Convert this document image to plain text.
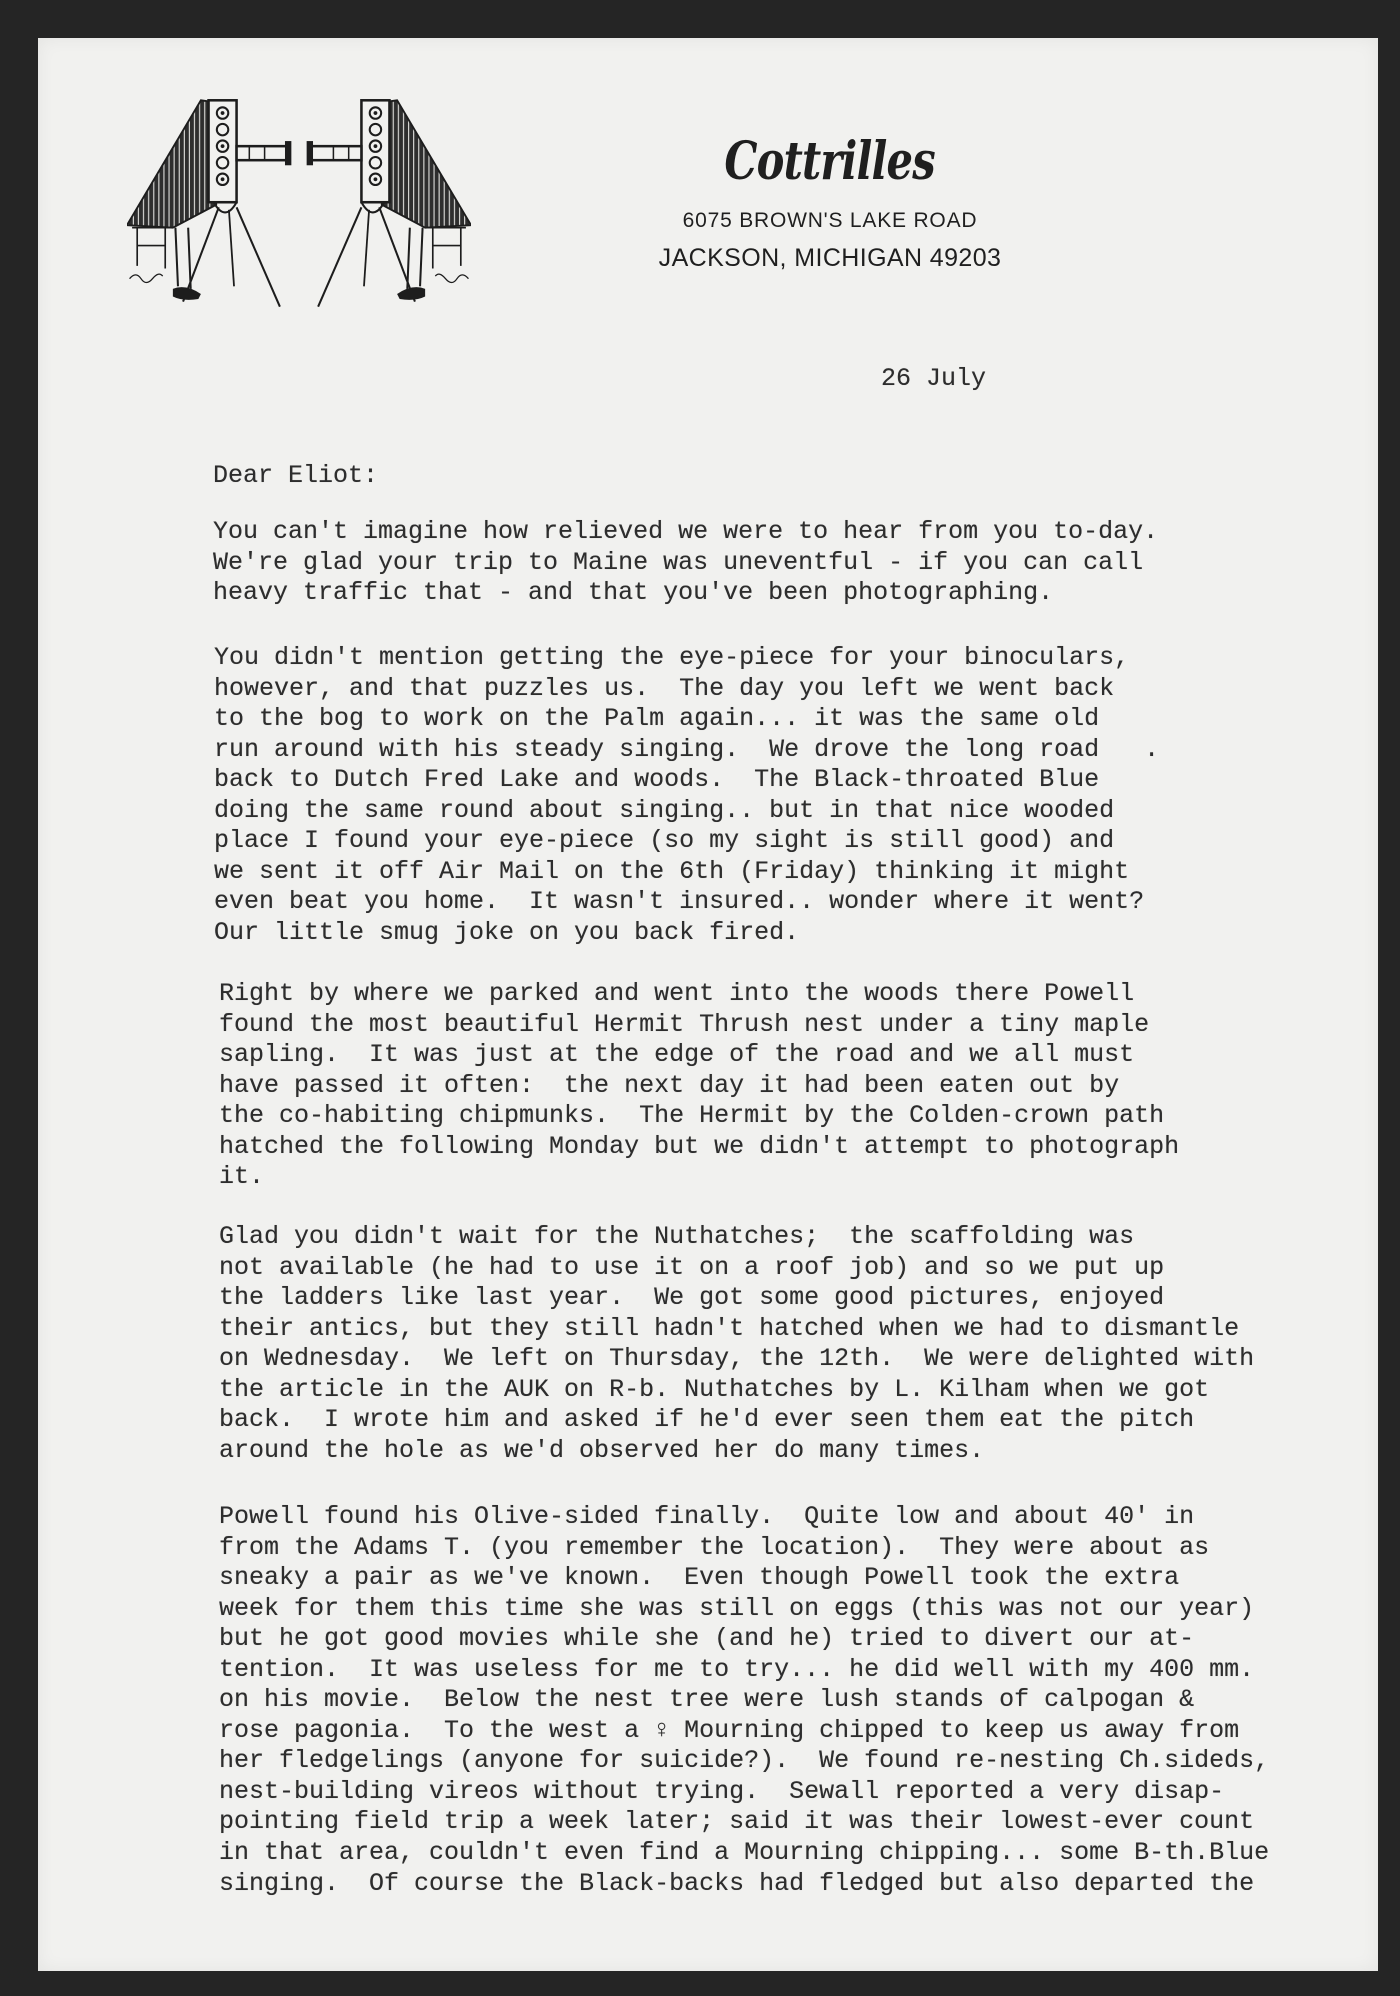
Cottrilles
6075 BROWN'S LAKE ROAD
JACKSON, MICHIGAN 49203
26 July
Dear Eliot:
You can't imagine how relieved we were to hear from you to-day.
We're glad your trip to Maine was uneventful - if you can call
heavy traffic that - and that you've been photographing.
You didn't mention getting the eye-piece for your binoculars,
however, and that puzzles us.  The day you left we went back
to the bog to work on the Palm again... it was the same old
run around with his steady singing.  We drove the long road   .
back to Dutch Fred Lake and woods.  The Black-throated Blue
doing the same round about singing.. but in that nice wooded
place I found your eye-piece (so my sight is still good) and
we sent it off Air Mail on the 6th (Friday) thinking it might
even beat you home.  It wasn't insured.. wonder where it went?
Our little smug joke on you back fired.
Right by where we parked and went into the woods there Powell
found the most beautiful Hermit Thrush nest under a tiny maple
sapling.  It was just at the edge of the road and we all must
have passed it often:  the next day it had been eaten out by
the co-habiting chipmunks.  The Hermit by the Colden-crown path
hatched the following Monday but we didn't attempt to photograph
it.
Glad you didn't wait for the Nuthatches;  the scaffolding was
not available (he had to use it on a roof job) and so we put up
the ladders like last year.  We got some good pictures, enjoyed
their antics, but they still hadn't hatched when we had to dismantle
on Wednesday.  We left on Thursday, the 12th.  We were delighted with
the article in the AUK on R-b. Nuthatches by L. Kilham when we got
back.  I wrote him and asked if he'd ever seen them eat the pitch
around the hole as we'd observed her do many times.
Powell found his Olive-sided finally.  Quite low and about 40' in
from the Adams T. (you remember the location).  They were about as
sneaky a pair as we've known.  Even though Powell took the extra
week for them this time she was still on eggs (this was not our year)
but he got good movies while she (and he) tried to divert our at-
tention.  It was useless for me to try... he did well with my 400 mm.
on his movie.  Below the nest tree were lush stands of calpogan &
rose pagonia.  To the west a ♀ Mourning chipped to keep us away from
her fledgelings (anyone for suicide?).  We found re-nesting Ch.sideds,
nest-building vireos without trying.  Sewall reported a very disap-
pointing field trip a week later; said it was their lowest-ever count
in that area, couldn't even find a Mourning chipping... some B-th.Blue
singing.  Of course the Black-backs had fledged but also departed the
